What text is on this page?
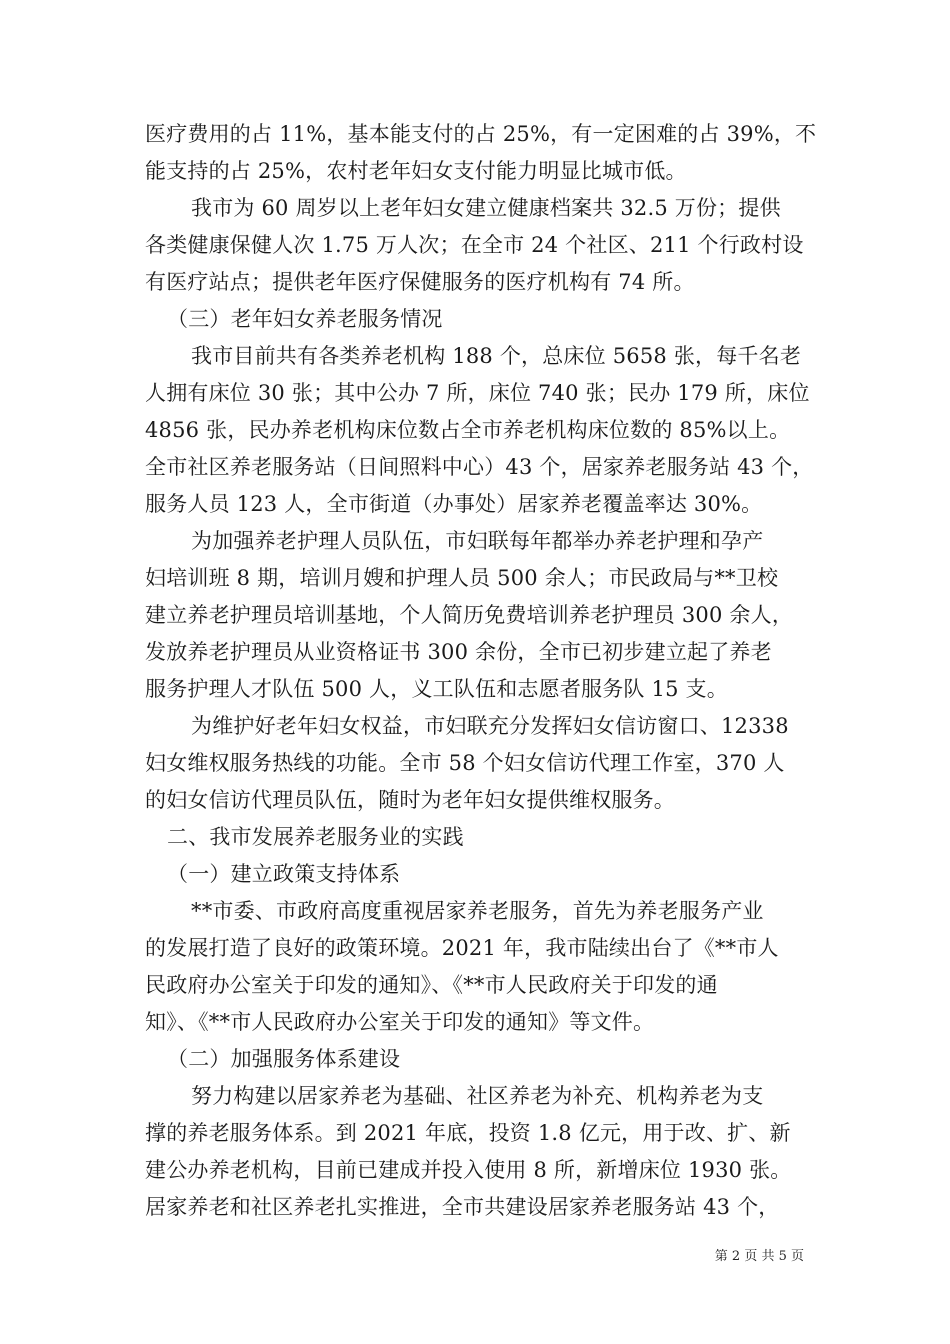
医疗费用的占 11%，基本能支付的占 25%，有一定困难的占 39%，不
能支持的占 25%，农村老年妇女支付能力明显比城市低。
我市为 60 周岁以上老年妇女建立健康档案共 32.5 万份；提供
各类健康保健人次 1.75 万人次；在全市 24 个社区、211 个行政村设
有医疗站点；提供老年医疗保健服务的医疗机构有 74 所。
（三）老年妇女养老服务情况
我市目前共有各类养老机构 188 个，总床位 5658 张，每千名老
人拥有床位 30 张；其中公办 7 所，床位 740 张；民办 179 所，床位
4856 张，民办养老机构床位数占全市养老机构床位数的 85%以上。
全市社区养老服务站（日间照料中心）43 个，居家养老服务站 43 个，
服务人员 123 人，全市街道（办事处）居家养老覆盖率达 30%。
为加强养老护理人员队伍，市妇联每年都举办养老护理和孕产
妇培训班 8 期，培训月嫂和护理人员 500 余人；市民政局与**卫校
建立养老护理员培训基地，个人简历免费培训养老护理员 300 余人，
发放养老护理员从业资格证书 300 余份，全市已初步建立起了养老
服务护理人才队伍 500 人，义工队伍和志愿者服务队 15 支。
为维护好老年妇女权益，市妇联充分发挥妇女信访窗口、12338
妇女维权服务热线的功能。全市 58 个妇女信访代理工作室，370 人
的妇女信访代理员队伍，随时为老年妇女提供维权服务。
二、我市发展养老服务业的实践
（一）建立政策支持体系
**市委、市政府高度重视居家养老服务，首先为养老服务产业
的发展打造了良好的政策环境。2021 年，我市陆续出台了《**市人
民政府办公室关于印发的通知》、《**市人民政府关于印发的通
知》、《**市人民政府办公室关于印发的通知》等文件。
（二）加强服务体系建设
努力构建以居家养老为基础、社区养老为补充、机构养老为支
撑的养老服务体系。到 2021 年底，投资 1.8 亿元，用于改、扩、新
建公办养老机构，目前已建成并投入使用 8 所，新增床位 1930 张。
居家养老和社区养老扎实推进，全市共建设居家养老服务站 43 个，
第 2 页 共 5 页
